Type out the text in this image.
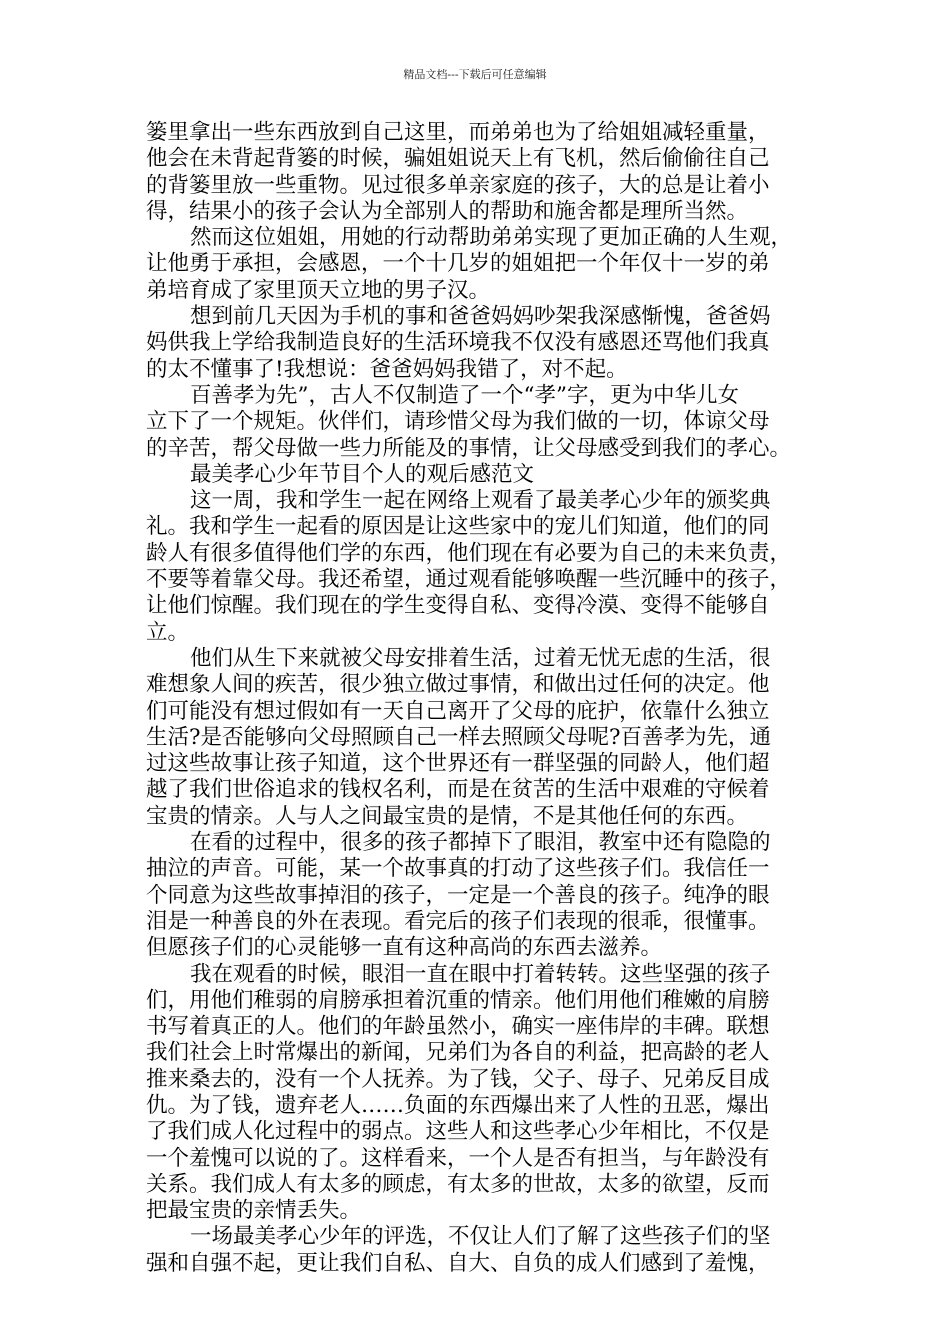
精品文档---下载后可任意编辑
篓里拿出一些东西放到自己这里，而弟弟也为了给姐姐减轻重量，
他会在未背起背篓的时候，骗姐姐说天上有飞机，然后偷偷往自己
的背篓里放一些重物。见过很多单亲家庭的孩子，大的总是让着小
得，结果小的孩子会认为全部别人的帮助和施舍都是理所当然。
然而这位姐姐，用她的行动帮助弟弟实现了更加正确的人生观，
让他勇于承担，会感恩，一个十几岁的姐姐把一个年仅十一岁的弟
弟培育成了家里顶天立地的男子汉。
想到前几天因为手机的事和爸爸妈妈吵架我深感惭愧，爸爸妈
妈供我上学给我制造良好的生活环境我不仅没有感恩还骂他们我真
的太不懂事了!我想说：爸爸妈妈我错了，对不起。
百善孝为先”，古人不仅制造了一个“孝”字，更为中华儿女
立下了一个规矩。伙伴们，请珍惜父母为我们做的一切，体谅父母
的辛苦，帮父母做一些力所能及的事情，让父母感受到我们的孝心。
最美孝心少年节目个人的观后感范文
这一周，我和学生一起在网络上观看了最美孝心少年的颁奖典
礼。我和学生一起看的原因是让这些家中的宠儿们知道，他们的同
龄人有很多值得他们学的东西，他们现在有必要为自己的未来负责，
不要等着靠父母。我还希望，通过观看能够唤醒一些沉睡中的孩子，
让他们惊醒。我们现在的学生变得自私、变得冷漠、变得不能够自
立。
他们从生下来就被父母安排着生活，过着无忧无虑的生活，很
难想象人间的疾苦，很少独立做过事情，和做出过任何的决定。他
们可能没有想过假如有一天自己离开了父母的庇护，依靠什么独立
生活?是否能够向父母照顾自己一样去照顾父母呢?百善孝为先，通
过这些故事让孩子知道，这个世界还有一群坚强的同龄人，他们超
越了我们世俗追求的钱权名利，而是在贫苦的生活中艰难的守候着
宝贵的情亲。人与人之间最宝贵的是情，不是其他任何的东西。
在看的过程中，很多的孩子都掉下了眼泪，教室中还有隐隐的
抽泣的声音。可能，某一个故事真的打动了这些孩子们。我信任一
个同意为这些故事掉泪的孩子，一定是一个善良的孩子。纯净的眼
泪是一种善良的外在表现。看完后的孩子们表现的很乖，很懂事。
但愿孩子们的心灵能够一直有这种高尚的东西去滋养。
我在观看的时候，眼泪一直在眼中打着转转。这些坚强的孩子
们，用他们稚弱的肩膀承担着沉重的情亲。他们用他们稚嫩的肩膀
书写着真正的人。他们的年龄虽然小，确实一座伟岸的丰碑。联想
我们社会上时常爆出的新闻，兄弟们为各自的利益，把高龄的老人
推来桑去的，没有一个人抚养。为了钱，父子、母子、兄弟反目成
仇。为了钱，遗弃老人……负面的东西爆出来了人性的丑恶，爆出
了我们成人化过程中的弱点。这些人和这些孝心少年相比，不仅是
一个羞愧可以说的了。这样看来，一个人是否有担当，与年龄没有
关系。我们成人有太多的顾虑，有太多的世故，太多的欲望，反而
把最宝贵的亲情丢失。
一场最美孝心少年的评选，不仅让人们了解了这些孩子们的坚
强和自强不起，更让我们自私、自大、自负的成人们感到了羞愧，
